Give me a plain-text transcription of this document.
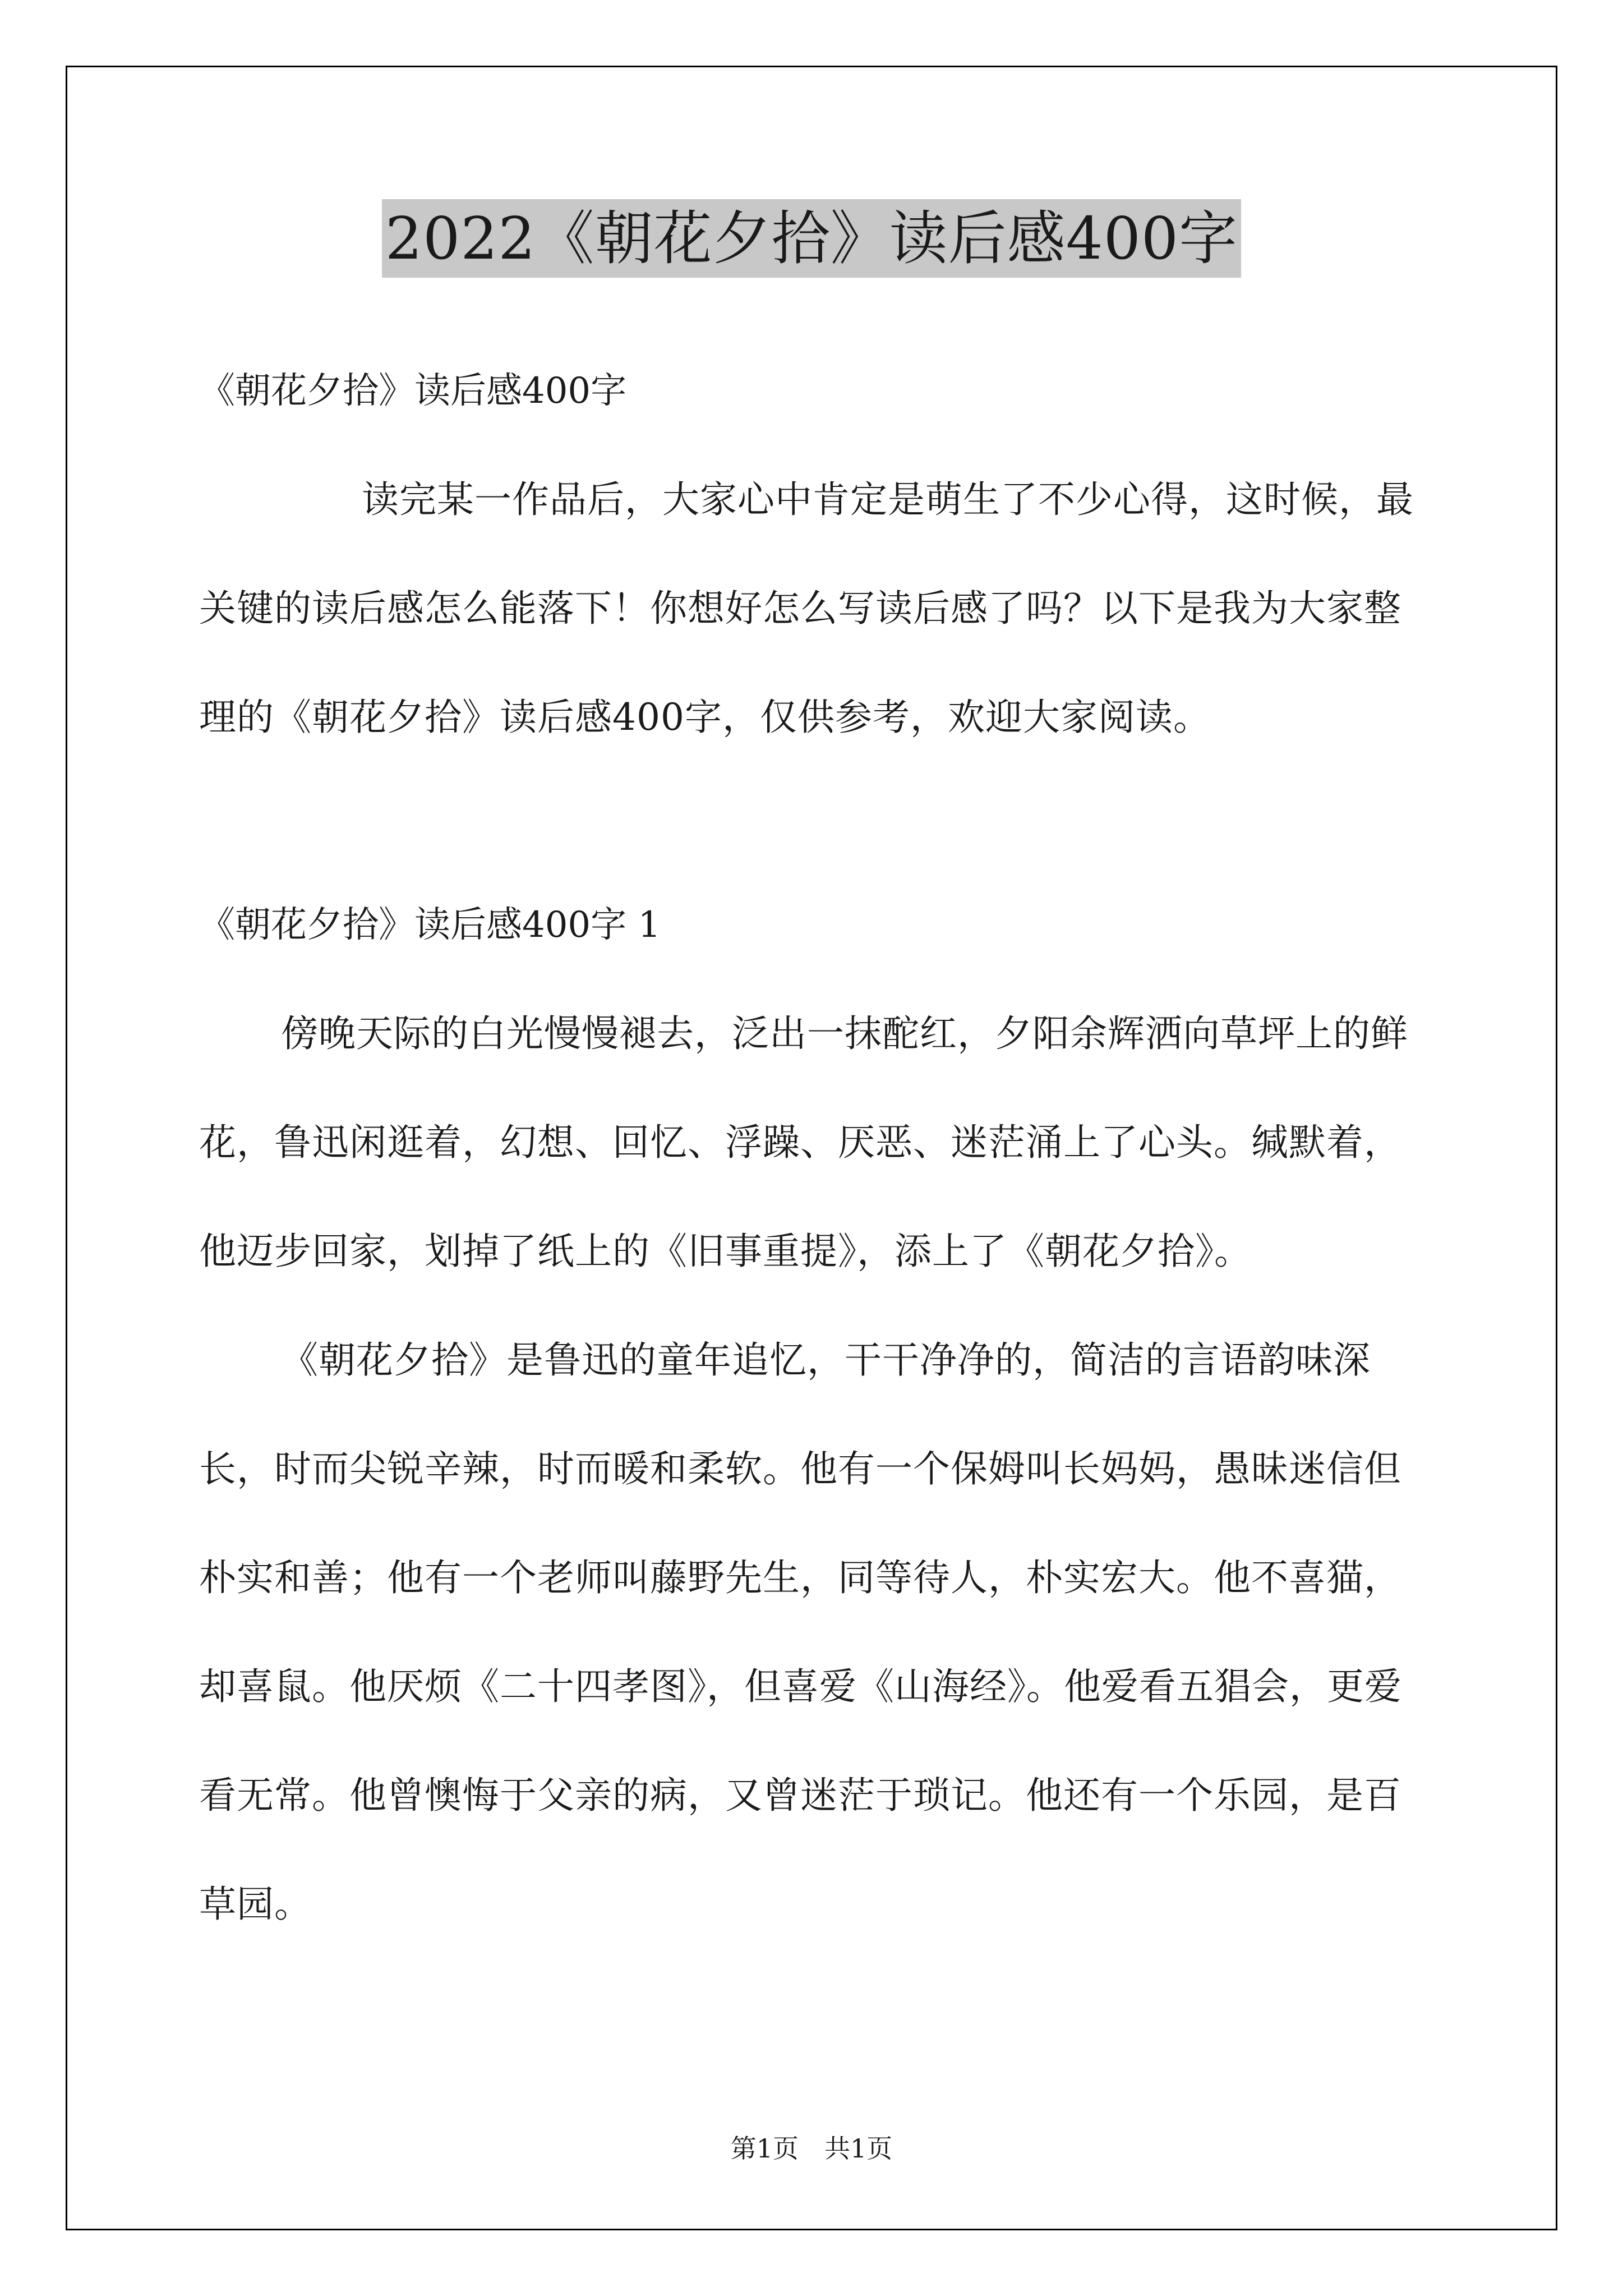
2022《朝花夕拾》读后感400字

《朝花夕拾》读后感400字

读完某一作品后，大家心中肯定是萌生了不少心得，这时候，最关键的读后感怎么能落下！你想好怎么写读后感了吗？以下是我为大家整理的《朝花夕拾》读后感400字，仅供参考，欢迎大家阅读。

《朝花夕拾》读后感400字 1

傍晚天际的白光慢慢褪去，泛出一抹酡红，夕阳余辉洒向草坪上的鲜花，鲁迅闲逛着，幻想、回忆、浮躁、厌恶、迷茫涌上了心头。缄默着，他迈步回家，划掉了纸上的《旧事重提》，添上了《朝花夕拾》。

《朝花夕拾》是鲁迅的童年追忆，干干净净的，简洁的言语韵味深长，时而尖锐辛辣，时而暖和柔软。他有一个保姆叫长妈妈，愚昧迷信但朴实和善；他有一个老师叫藤野先生，同等待人，朴实宏大。他不喜猫，却喜鼠。他厌烦《二十四孝图》，但喜爱《山海经》。他爱看五猖会，更爱看无常。他曾懊悔于父亲的病，又曾迷茫于琐记。他还有一个乐园，是百草园。

第1页　共1页
